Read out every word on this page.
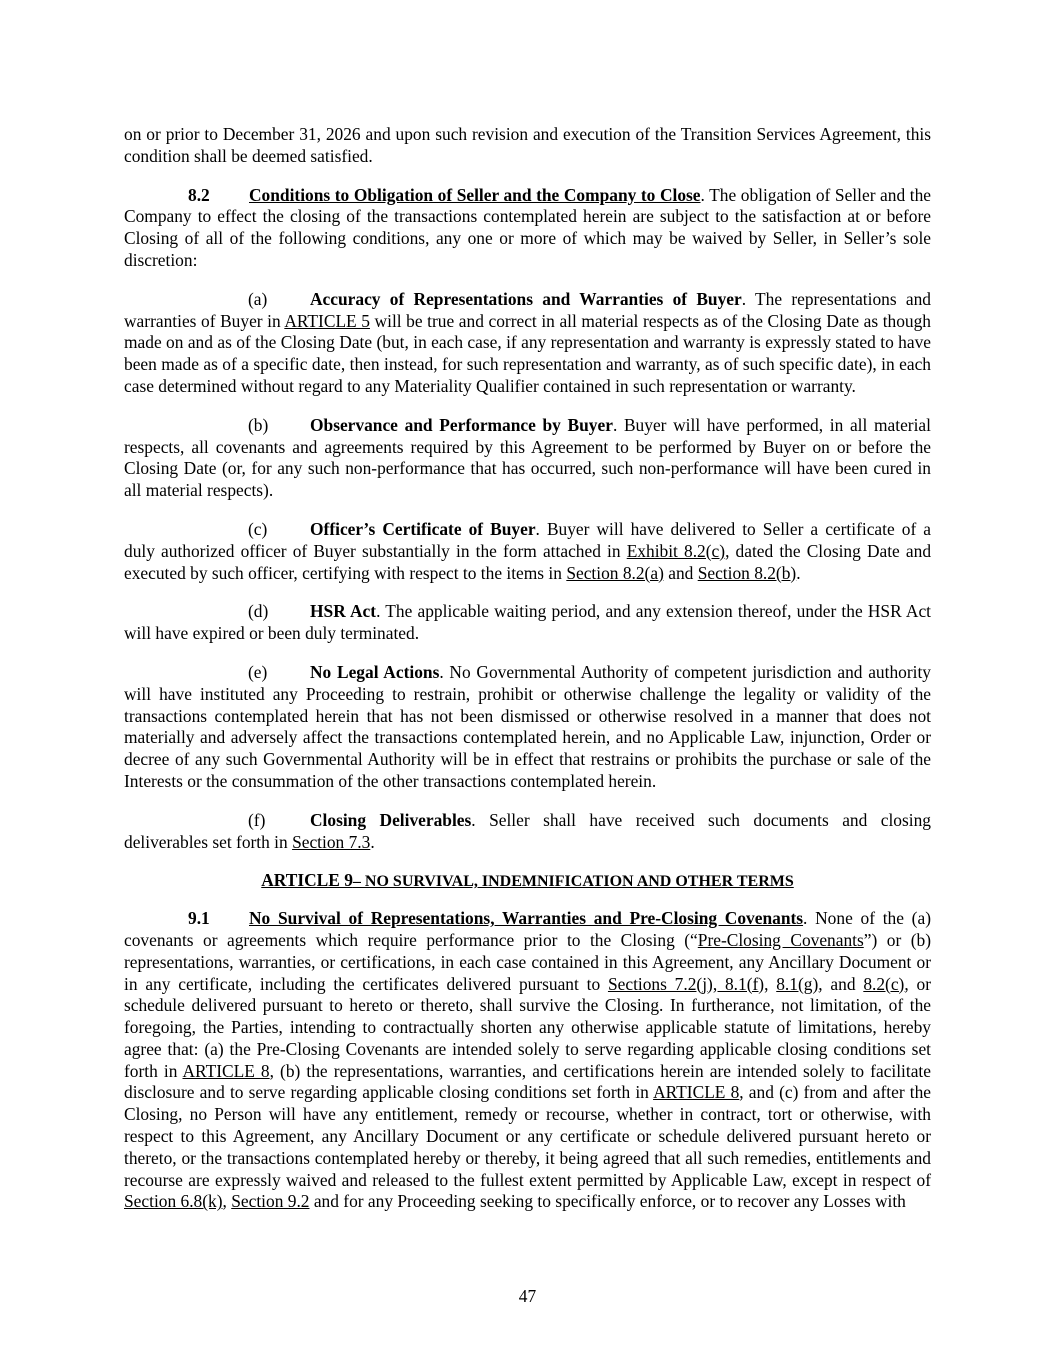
on or prior to December 31, 2026 and upon such revision and execution of the Transition Services Agreement, this condition shall be deemed satisfied.

8.2 Conditions to Obligation of Seller and the Company to Close. The obligation of Seller and the Company to effect the closing of the transactions contemplated herein are subject to the satisfaction at or before Closing of all of the following conditions, any one or more of which may be waived by Seller, in Seller’s sole discretion:

(a) Accuracy of Representations and Warranties of Buyer. The representations and warranties of Buyer in ARTICLE 5 will be true and correct in all material respects as of the Closing Date as though made on and as of the Closing Date (but, in each case, if any representation and warranty is expressly stated to have been made as of a specific date, then instead, for such representation and warranty, as of such specific date), in each case determined without regard to any Materiality Qualifier contained in such representation or warranty.

(b) Observance and Performance by Buyer. Buyer will have performed, in all material respects, all covenants and agreements required by this Agreement to be performed by Buyer on or before the Closing Date (or, for any such non-performance that has occurred, such non-performance will have been cured in all material respects).

(c) Officer’s Certificate of Buyer. Buyer will have delivered to Seller a certificate of a duly authorized officer of Buyer substantially in the form attached in Exhibit 8.2(c), dated the Closing Date and executed by such officer, certifying with respect to the items in Section 8.2(a) and Section 8.2(b).

(d) HSR Act. The applicable waiting period, and any extension thereof, under the HSR Act will have expired or been duly terminated.

(e) No Legal Actions. No Governmental Authority of competent jurisdiction and authority will have instituted any Proceeding to restrain, prohibit or otherwise challenge the legality or validity of the transactions contemplated herein that has not been dismissed or otherwise resolved in a manner that does not materially and adversely affect the transactions contemplated herein, and no Applicable Law, injunction, Order or decree of any such Governmental Authority will be in effect that restrains or prohibits the purchase or sale of the Interests or the consummation of the other transactions contemplated herein.

(f)	Closing Deliverables. Seller shall have received such documents and closing deliverables set forth in Section 7.3.

ARTICLE 9– NO SURVIVAL, INDEMNIFICATION AND OTHER TERMS

9.1 No Survival of Representations, Warranties and Pre-Closing Covenants. None of the (a) covenants or agreements which require performance prior to the Closing (“Pre-Closing Covenants”) or (b) representations, warranties, or certifications, in each case contained in this Agreement, any Ancillary Document or in any certificate, including the certificates delivered pursuant to Sections 7.2(j), 8.1(f), 8.1(g), and 8.2(c), or schedule delivered pursuant to hereto or thereto, shall survive the Closing. In furtherance, not limitation, of the foregoing, the Parties, intending to contractually shorten any otherwise applicable statute of limitations, hereby agree that: (a) the Pre-Closing Covenants are intended solely to serve regarding applicable closing conditions set forth in ARTICLE 8, (b) the representations, warranties, and certifications herein are intended solely to facilitate disclosure and to serve regarding applicable closing conditions set forth in ARTICLE 8, and (c) from and after the Closing, no Person will have any entitlement, remedy or recourse, whether in contract, tort or otherwise, with respect to this Agreement, any Ancillary Document or any certificate or schedule delivered pursuant hereto or thereto, or the transactions contemplated hereby or thereby, it being agreed that all such remedies, entitlements and recourse are expressly waived and released to the fullest extent permitted by Applicable Law, except in respect of Section 6.8(k), Section 9.2 and for any Proceeding seeking to specifically enforce, or to recover any Losses with

47
